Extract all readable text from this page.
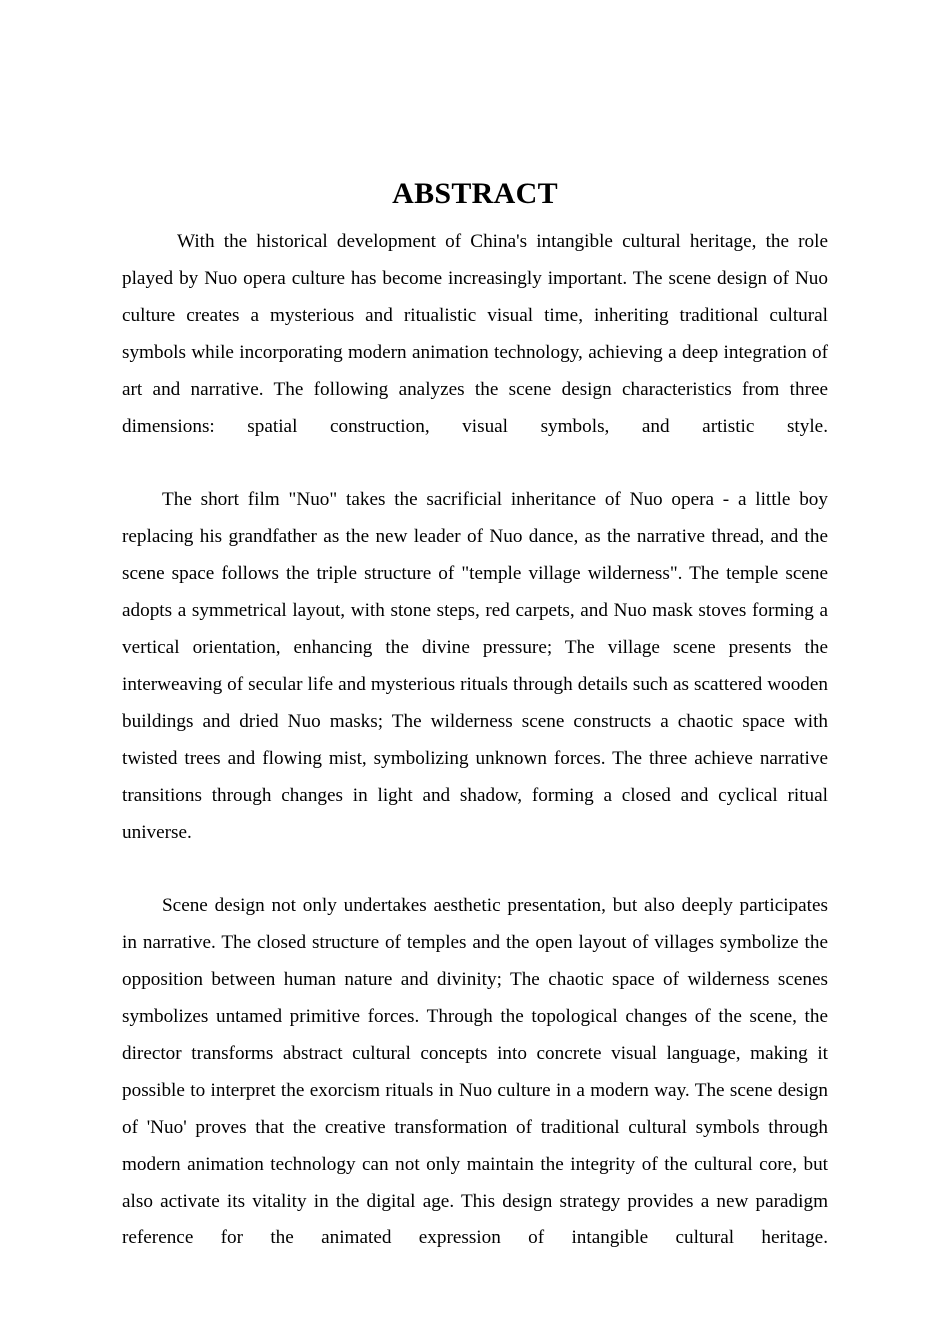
ABSTRACT

With the historical development of China's intangible cultural heritage, the role played by Nuo opera culture has become increasingly important. The scene design of Nuo culture creates a mysterious and ritualistic visual time, inheriting traditional cultural symbols while incorporating modern animation technology, achieving a deep integration of art and narrative. The following analyzes the scene design characteristics from three dimensions: spatial construction, visual symbols, and artistic style.

The short film "Nuo" takes the sacrificial inheritance of Nuo opera - a little boy replacing his grandfather as the new leader of Nuo dance, as the narrative thread, and the scene space follows the triple structure of "temple village wilderness". The temple scene adopts a symmetrical layout, with stone steps, red carpets, and Nuo mask stoves forming a vertical orientation, enhancing the divine pressure; The village scene presents the interweaving of secular life and mysterious rituals through details such as scattered wooden buildings and dried Nuo masks; The wilderness scene constructs a chaotic space with twisted trees and flowing mist, symbolizing unknown forces. The three achieve narrative transitions through changes in light and shadow, forming a closed and cyclical ritual universe.

Scene design not only undertakes aesthetic presentation, but also deeply participates in narrative. The closed structure of temples and the open layout of villages symbolize the opposition between human nature and divinity; The chaotic space of wilderness scenes symbolizes untamed primitive forces. Through the topological changes of the scene, the director transforms abstract cultural concepts into concrete visual language, making it possible to interpret the exorcism rituals in Nuo culture in a modern way. The scene design of 'Nuo' proves that the creative transformation of traditional cultural symbols through modern animation technology can not only maintain the integrity of the cultural core, but also activate its vitality in the digital age. This design strategy provides a new paradigm reference for the animated expression of intangible cultural heritage.
